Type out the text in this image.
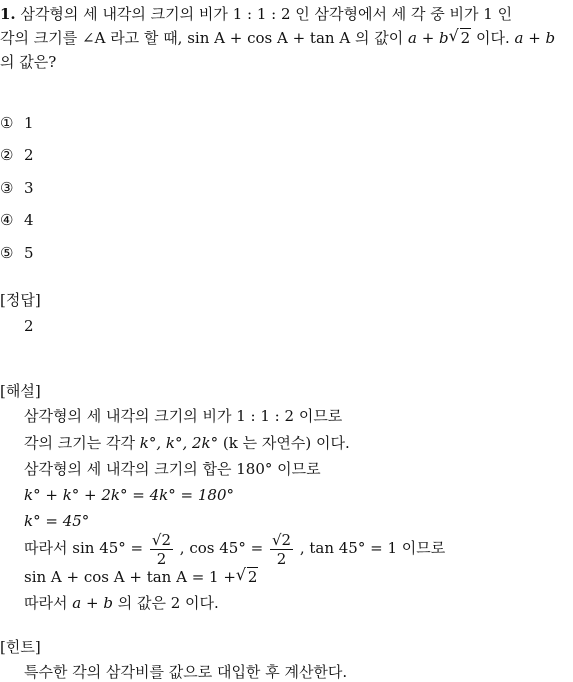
1. 삼각형의 세 내각의 크기의 비가 1 : 1 : 2 인 삼각형에서 세 각 중 비가 1 인
각의 크기를 ∠A 라고 할 때, sin A + cos A + tan A 의 값이 a + b √ 2 이다. a + b
의 값은?
① 1
② 2
③ 3
④ 4
⑤ 5
[정답]
2
[해설]
삼각형의 세 내각의 크기의 비가 1 : 1 : 2 이므로
각의 크기는 각각 k°, k°, 2k° (k 는 자연수) 이다.
삼각형의 세 내각의 크기의 합은 180° 이므로
k° + k° + 2k° = 4k° = 180°
k° = 45°
따라서 $\sin 45^\circ = \frac{√2}{2}$ , $\cos 45^\circ = \frac{√2}{2}$ , tan 45° = 1 이므로
sin A + cos A + tan A = 1 + √ 2
따라서 a + b 의 값은 2 이다.
[힌트]
특수한 각의 삼각비를 값으로 대입한 후 계산한다.
